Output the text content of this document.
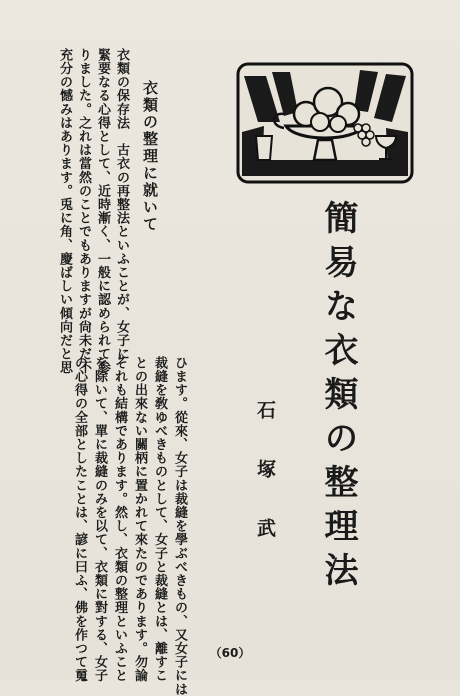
簡易な衣類の整理法
石塚武
衣類の整理に就いて
衣類の保存法　古衣の再整法といふことが、女子に
緊要なる心得として、近時漸く、一般に認められて参
りました。之れは當然のことでもありますが尙未だ不
充分の憾みはあります。兎に角、慶ばしい傾向だと思
ひます。從來、女子は裁縫を學ぶべきもの、又女子には
裁縫を敎ゆべきものとして、女子と裁縫とは、離すこ
との出來ない關柄に置かれて來たのであります。勿論
それも結構であります。然し、衣類の整理といふこと
を除いて、單に裁縫のみを以て、衣類に對する、女子
の心得の全部としたことは、諺に曰ふ、佛を作つて䰟	（60）
